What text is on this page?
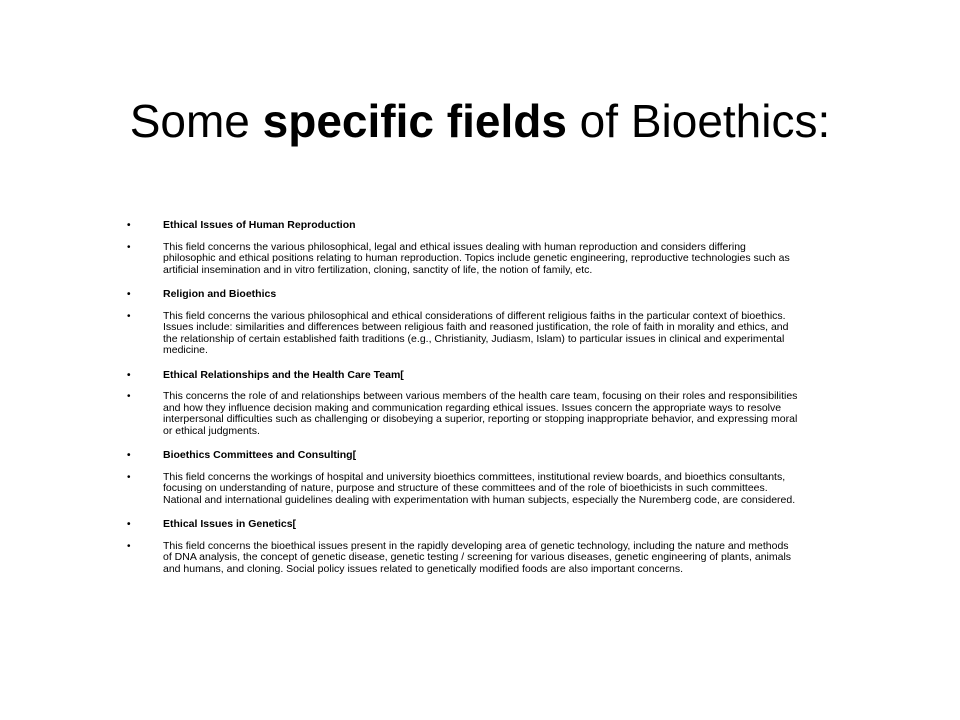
Some specific fields of Bioethics:
• Ethical Issues of Human Reproduction
• This field concerns the various philosophical, legal and ethical issues dealing with human reproduction and considers differing philosophic and ethical positions relating to human reproduction. Topics include genetic engineering, reproductive technologies such as artificial insemination and in vitro fertilization, cloning, sanctity of life, the notion of family, etc.
• Religion and Bioethics
• This field concerns the various philosophical and ethical considerations of different religious faiths in the particular context of bioethics. Issues include: similarities and differences between religious faith and reasoned justification, the role of faith in morality and ethics, and the relationship of certain established faith traditions (e.g., Christianity, Judiasm, Islam) to particular issues in clinical and experimental medicine.
• Ethical Relationships and the Health Care Team[
• This concerns the role of and relationships between various members of the health care team, focusing on their roles and responsibilities and how they influence decision making and communication regarding ethical issues. Issues concern the appropriate ways to resolve interpersonal difficulties such as challenging or disobeying a superior, reporting or stopping inappropriate behavior, and expressing moral or ethical judgments.
• Bioethics Committees and Consulting[
• This field concerns the workings of hospital and university bioethics committees, institutional review boards, and bioethics consultants, focusing on understanding of nature, purpose and structure of these committees and of the role of bioethicists in such committees. National and international guidelines dealing with experimentation with human subjects, especially the Nuremberg code, are considered.
• Ethical Issues in Genetics[
• This field concerns the bioethical issues present in the rapidly developing area of genetic technology, including the nature and methods of DNA analysis, the concept of genetic disease, genetic testing / screening for various diseases, genetic engineering of plants, animals and humans, and cloning. Social policy issues related to genetically modified foods are also important concerns.
